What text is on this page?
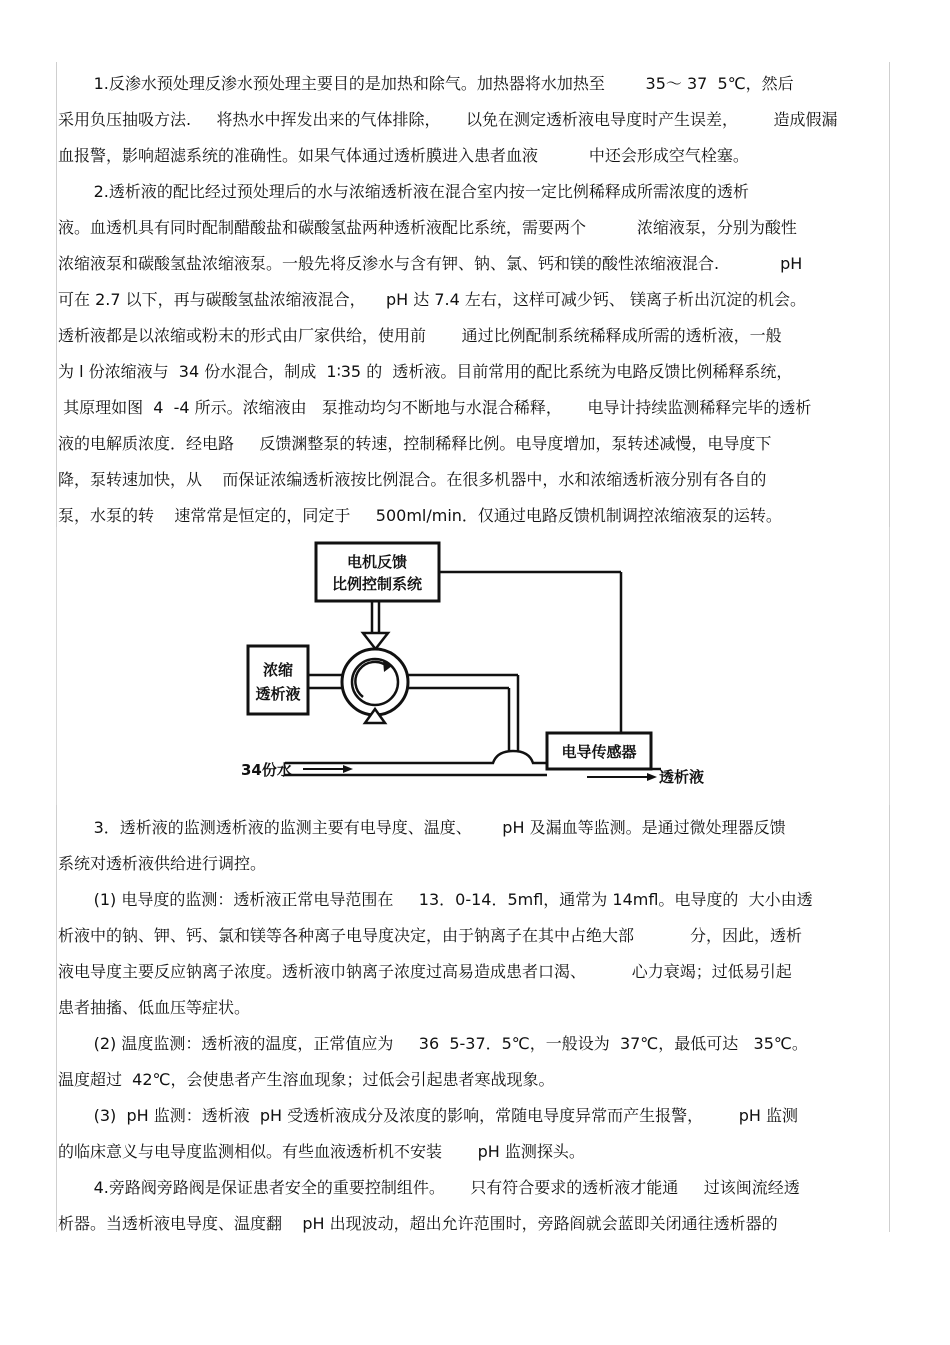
1.反渗水预处理反渗水预处理主要目的是加热和除气。加热器将水加热至        35～ 37  5℃，然后
采用负压抽吸方法.     将热水中挥发出来的气体排除，     以免在测定透析液电导度时产生误差，       造成假漏
血报警，影响超滤系统的准确性。如果气体通过透析膜进入患者血液          中还会形成空气栓塞。
2.透析液的配比经过预处理后的水与浓缩透析液在混合室内按一定比例稀释成所需浓度的透析
液。血透机具有同时配制醋酸盐和碳酸氢盐两种透析液配比系统，需要两个          浓缩液泵，分别为酸性
浓缩液泵和碳酸氢盐浓缩液泵。一般先将反渗水与含有钾、钠、氯、钙和镁的酸性浓缩液混合.            pH
可在 2.7 以下，再与碳酸氢盐浓缩液混合，    pH 达 7.4 左右，这样可减少钙、 镁离子析出沉淀的机会。
透析液都是以浓缩或粉末的形式由厂家供给，使用前       通过比例配制系统稀释成所需的透析液，一般
为 l 份浓缩液与  34 份水混合，制成  1∶35 的  透析液。目前常用的配比系统为电路反馈比例稀释系统，
其原理如图  4  -4 所示。浓缩液由   泵推动均匀不断地与水混合稀释，     电导计持续监测稀释完毕的透析
液的电解质浓度．经电路     反馈渊整泵的转速，控制稀释比例。电导度增加，泵转述减慢，电导度下
降，泵转速加快，从    而保证浓编透析液按比例混合。在很多机器中，水和浓缩透析液分别有各自的
泵，水泵的转    速常常是恒定的，同定于     500ml/min．仅通过电路反馈机制调控浓缩液泵的运转。
电机反馈
比例控制系统
浓缩
透析液
电导传感器
34份水	透析液
3．透析液的监测透析液的监测主要有电导度、温度、      pH 及漏血等监测。是通过微处理器反馈
系统对透析液供给进行调控。
(1) 电导度的监测：透析液正常电导范围在     13．0-14．5mfl，通常为 14mfl。电导度的  大小由透
析液中的钠、钾、钙、氯和镁等各种离子电导度决定，由于钠离子在其中占绝大部           分，因此，透析
液电导度主要反应钠离子浓度。透析液巾钠离子浓度过高易造成患者口渴、         心力衰竭；过低易引起
患者抽搐、低血压等症状。
(2) 温度监测：透析液的温度，正常值应为     36  5-37．5℃，一般设为  37℃，最低可达   35℃。
温度超过  42℃，会使患者产生溶血现象；过低会引起患者寒战现象。
(3)  pH 监测：透析液  pH 受透析液成分及浓度的影响，常随电导度异常而产生报警，       pH 监测
的临床意义与电导度监测相似。有些血液透析机不安装       pH 监测探头。
4.旁路阀旁路阀是保证患者安全的重要控制组件。     只有符合要求的透析液才能通     过该闽流经透
析器。当透析液电导度、温度翻    pH 出现波动，超出允许范围时，旁路阎就会蓝即关闭通往透析器的
